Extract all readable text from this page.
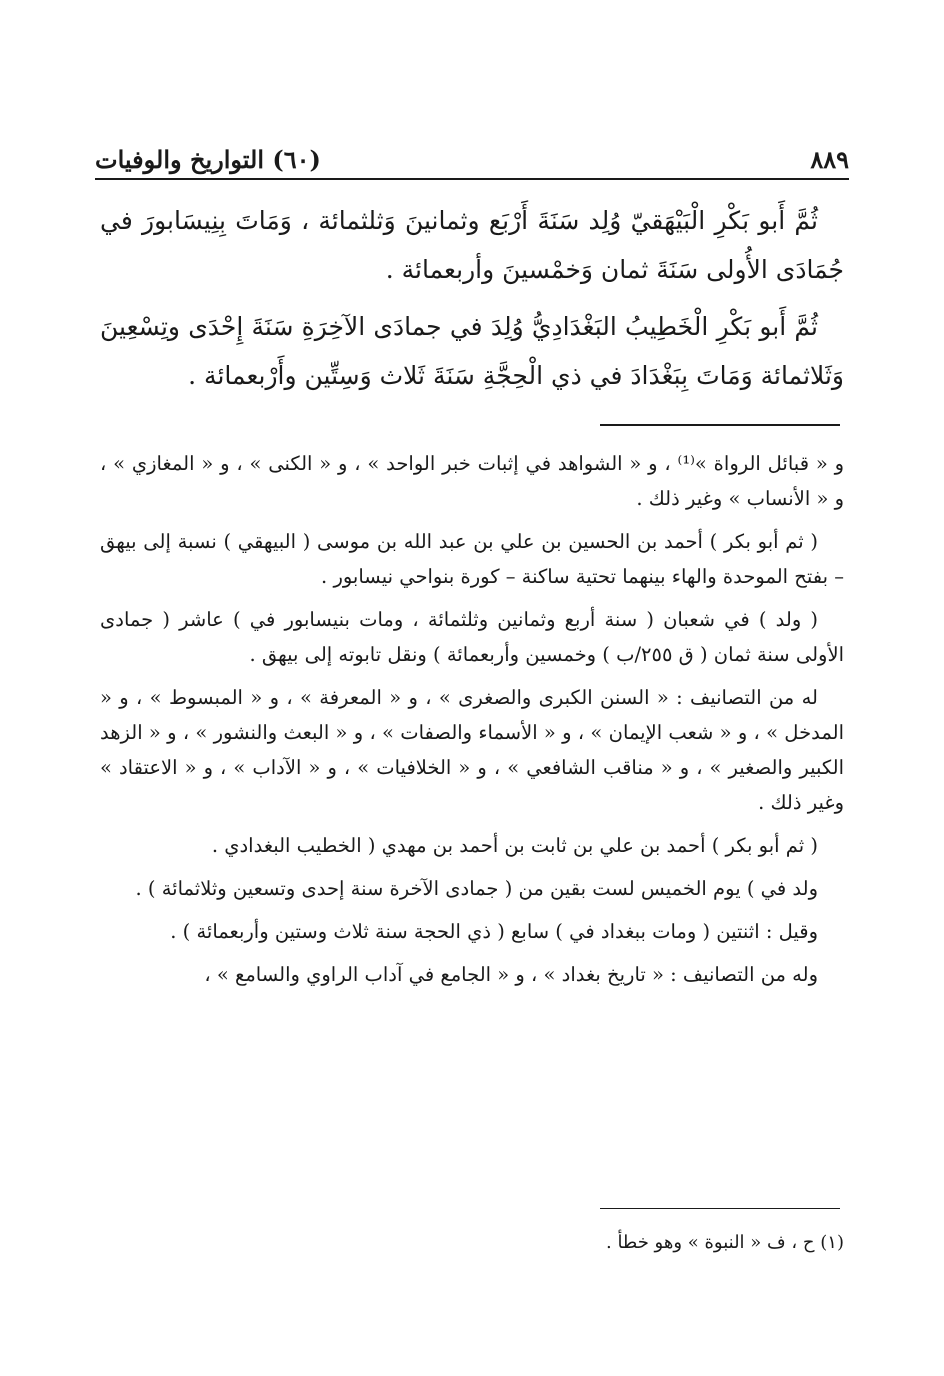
(٦٠) التواريخ والوفيات	٨٨٩

ثُمَّ أَبو بَكْرِ الْبَيْهَقيّ وُلِد سَنَةَ أَرْبَع وثمانينَ وَثلثمائة ، وَمَاتَ بِنِيسَابورَ في جُمَادَى الأُولى سَنَةَ ثمان وَخمْسينَ وأربعمائة .

ثُمَّ أَبو بَكْرِ الْخَطِيبُ البَغْدَادِيُّ وُلِدَ في جمادَى الآخِرَةِ سَنَةَ إِحْدَى وتِسْعِينَ وَثَلاثمائة وَمَاتَ بِبَغْدَادَ في ذي الْحِجَّةِ سَنَةَ ثَلاث وَسِتِّين وأَرْبعمائة .

و « قبائل الرواة »⁽¹⁾ ، و « الشواهد في إثبات خبر الواحد » ، و « الكنى » ، و « المغازي » ، و « الأنساب » وغير ذلك .

( ثم أبو بكر ) أحمد بن الحسين بن علي بن عبد الله بن موسى ( البيهقي ) نسبة إلى بيهق – بفتح الموحدة والهاء بينهما تحتية ساكنة – كورة بنواحي نيسابور .

( ولد ) في شعبان ( سنة أربع وثمانين وثلثمائة ، ومات بنيسابور في ) عاشر ( جمادى الأولى سنة ثمان ( ق ٢٥٥/ب ) وخمسين وأربعمائة ) ونقل تابوته إلى بيهق .

له من التصانيف : « السنن الكبرى والصغرى » ، و « المعرفة » ، و « المبسوط » ، و « المدخل » ، و « شعب الإيمان » ، و « الأسماء والصفات » ، و « البعث والنشور » ، و « الزهد الكبير والصغير » ، و « مناقب الشافعي » ، و « الخلافيات » ، و « الآداب » ، و « الاعتقاد » وغير ذلك .

( ثم أبو بكر ) أحمد بن علي بن ثابت بن أحمد بن مهدي ( الخطيب البغدادي .

ولد في ) يوم الخميس لست بقين من ( جمادى الآخرة سنة إحدى وتسعين وثلاثمائة ) .

وقيل : اثنتين ( ومات ببغداد في ) سابع ( ذي الحجة سنة ثلاث وستين وأربعمائة ) .

وله من التصانيف : « تاريخ بغداد » ، و « الجامع في آداب الراوي والسامع » ،

(١) ح ، ف « النبوة » وهو خطأ .
